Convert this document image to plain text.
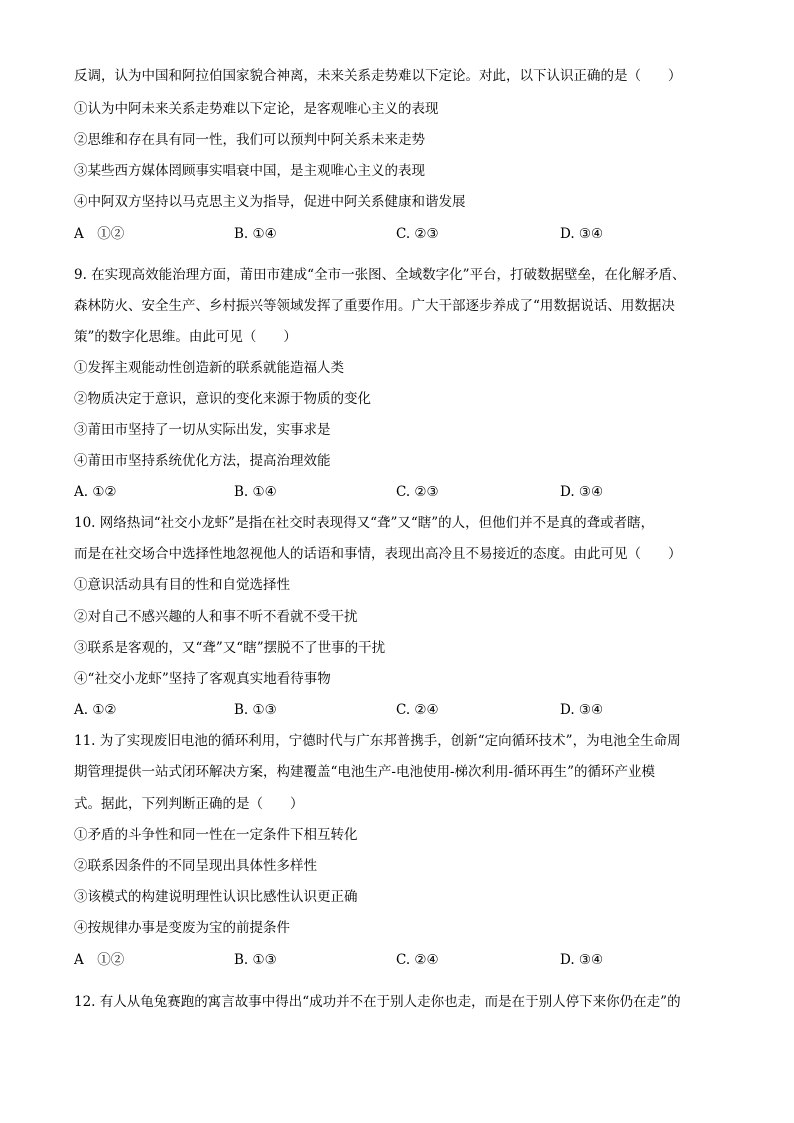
反调，认为中国和阿拉伯国家貌合神离，未来关系走势难以下定论。对此，以下认识正确的是（　　）
①认为中阿未来关系走势难以下定论，是客观唯心主义的表现
②思维和存在具有同一性，我们可以预判中阿关系未来走势
③某些西方媒体罔顾事实唱衰中国，是主观唯心主义的表现
④中阿双方坚持以马克思主义为指导，促进中阿关系健康和谐发展
A　①②	B. ①④	C. ②③	D. ③④
9. 在实现高效能治理方面，莆田市建成“全市一张图、全域数字化”平台，打破数据壁垒，在化解矛盾、
森林防火、安全生产、乡村振兴等领域发挥了重要作用。广大干部逐步养成了“用数据说话、用数据决
策”的数字化思维。由此可见（　　）
①发挥主观能动性创造新的联系就能造福人类
②物质决定于意识，意识的变化来源于物质的变化
③莆田市坚持了一切从实际出发，实事求是
④莆田市坚持系统优化方法，提高治理效能
A. ①②	B. ①④	C. ②③	D. ③④
10. 网络热词“社交小龙虾”是指在社交时表现得又“聋”又“瞎”的人，但他们并不是真的聋或者瞎，
而是在社交场合中选择性地忽视他人的话语和事情，表现出高冷且不易接近的态度。由此可见（　　）
①意识活动具有目的性和自觉选择性
②对自己不感兴趣的人和事不听不看就不受干扰
③联系是客观的，又“聋”又“瞎”摆脱不了世事的干扰
④“社交小龙虾”坚持了客观真实地看待事物
A. ①②	B. ①③	C. ②④	D. ③④
11. 为了实现废旧电池的循环利用，宁德时代与广东邦普携手，创新“定向循环技术”，为电池全生命周
期管理提供一站式闭环解决方案，构建覆盖“电池生产-电池使用-梯次利用-循环再生”的循环产业模
式。据此，下列判断正确的是（　　）
①矛盾的斗争性和同一性在一定条件下相互转化
②联系因条件的不同呈现出具体性多样性
③该模式的构建说明理性认识比感性认识更正确
④按规律办事是变废为宝的前提条件
A　①②	B. ①③	C. ②④	D. ③④
12. 有人从龟兔赛跑的寓言故事中得出“成功并不在于别人走你也走，而是在于别人停下来你仍在走”的
